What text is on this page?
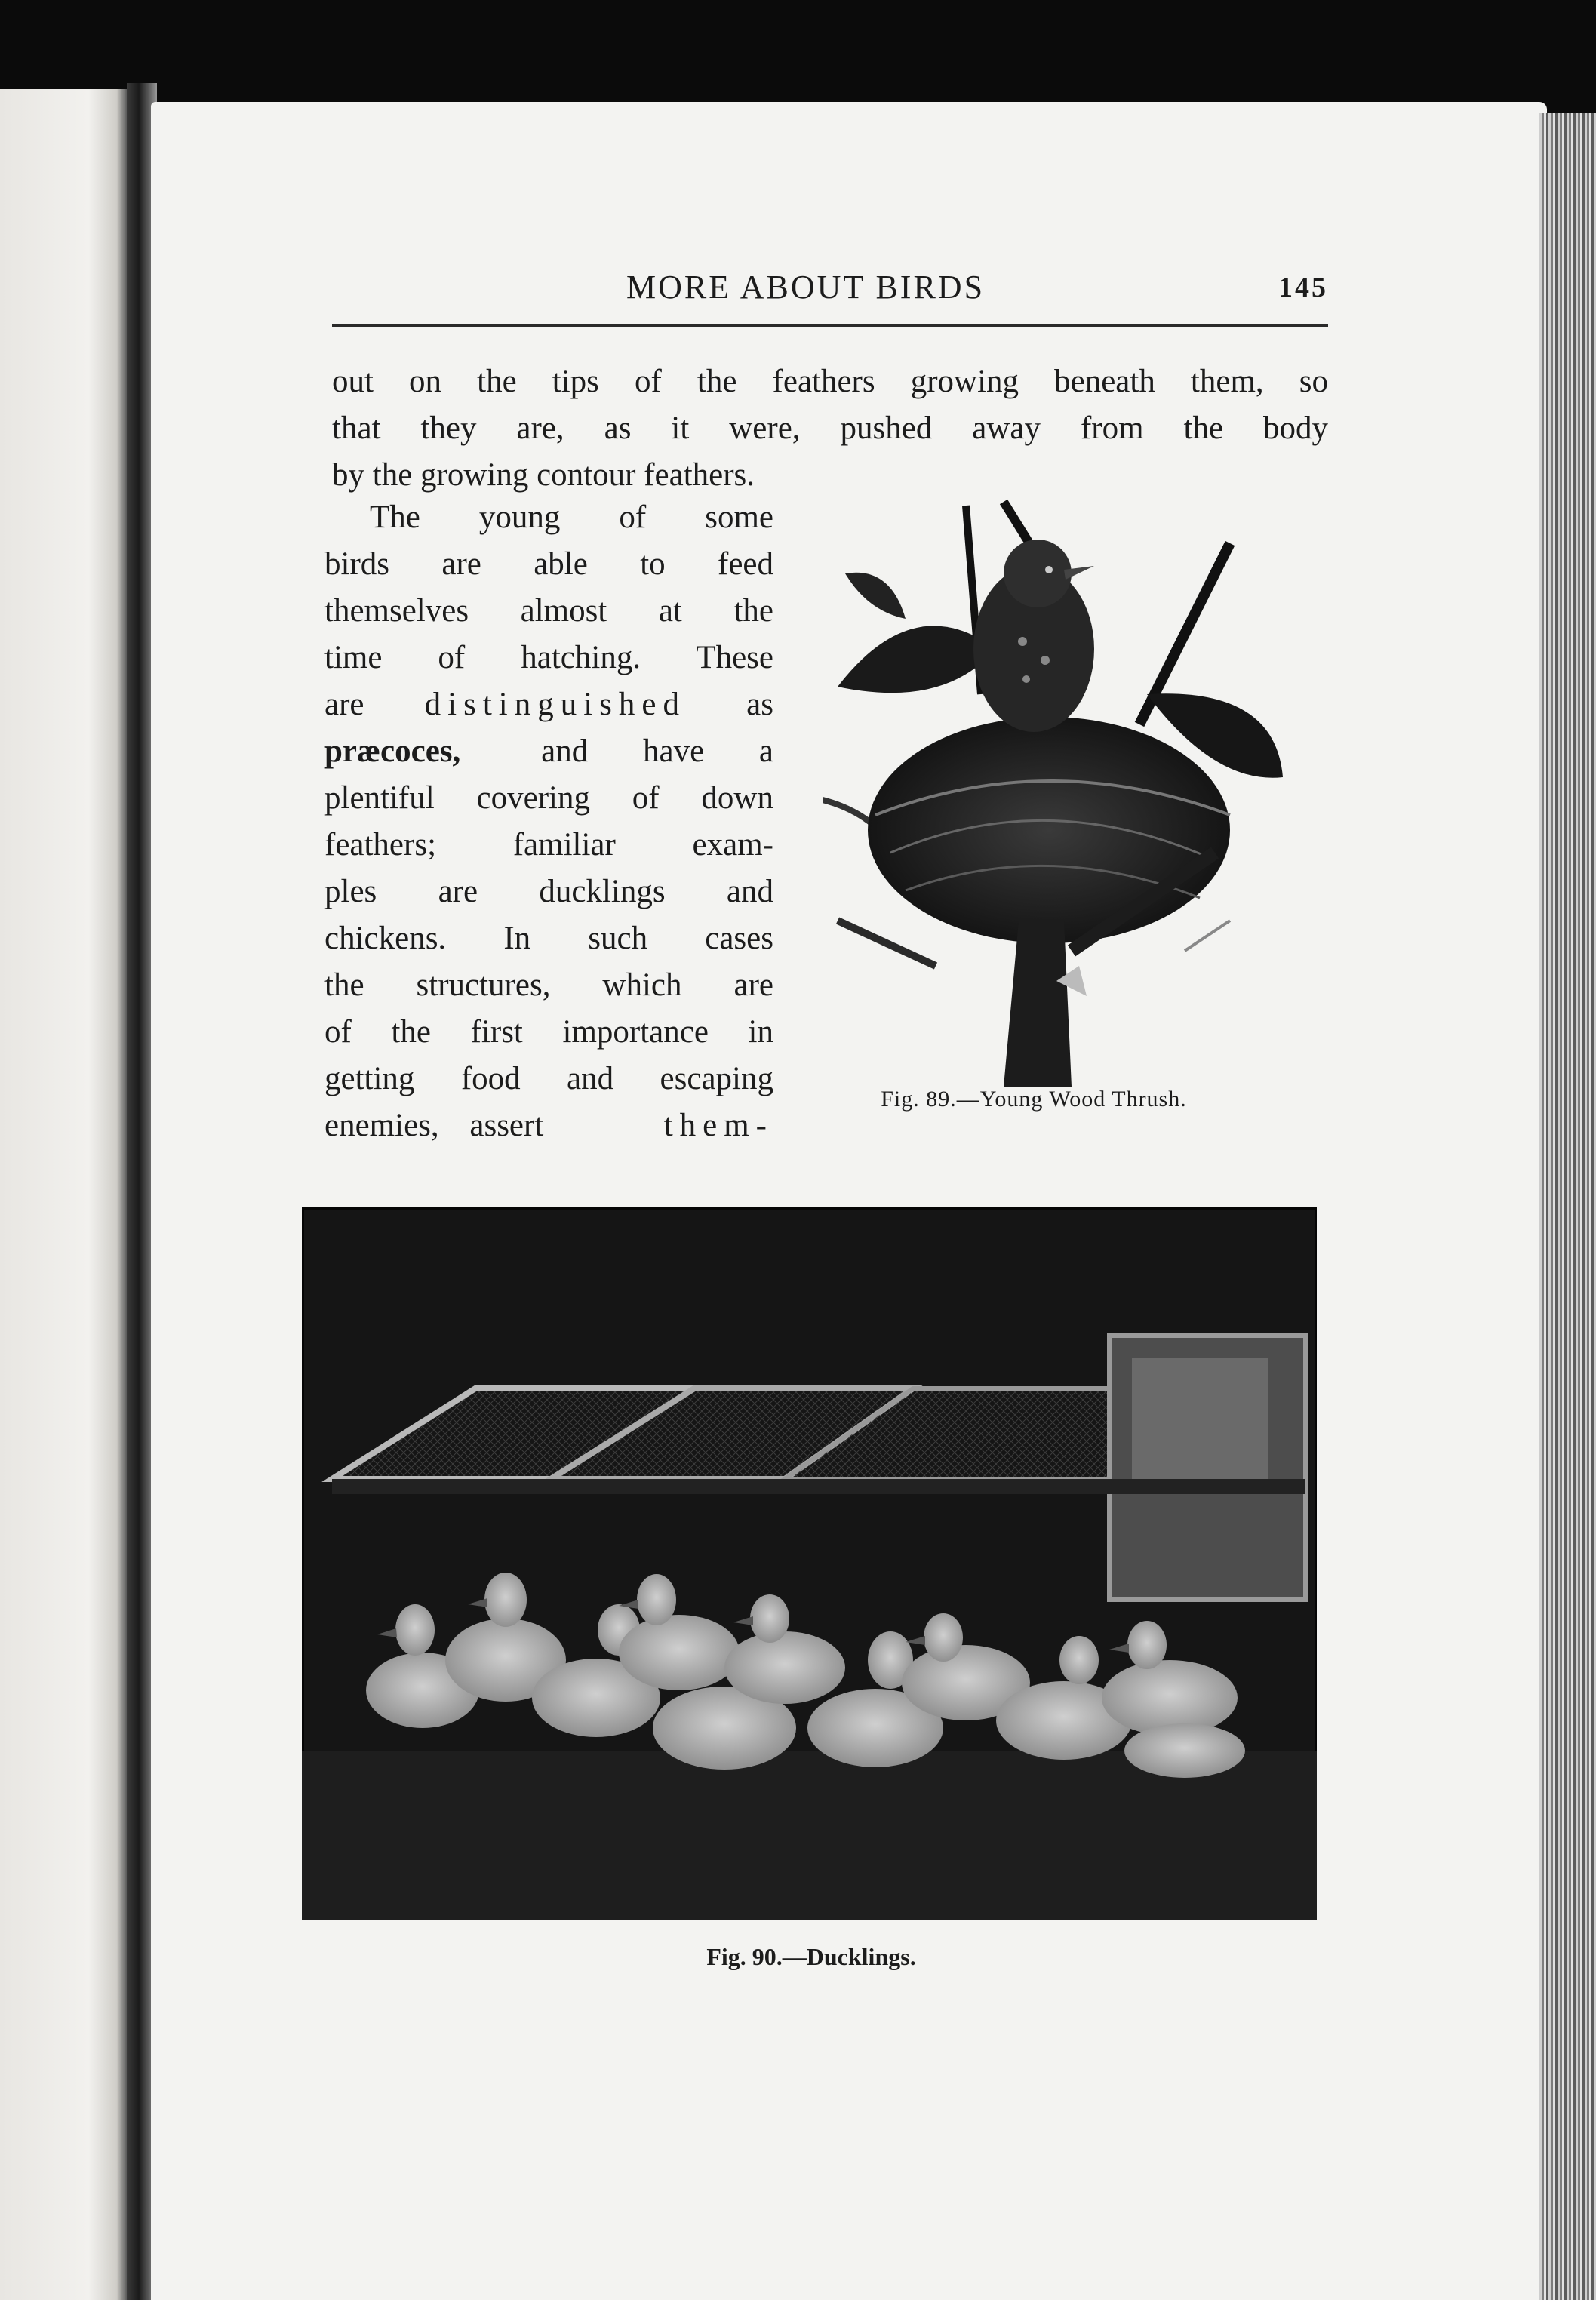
MORE ABOUT BIRDS	145
out on the tips of the feathers growing beneath them, so
that they are, as it were, pushed away from the body
by the growing contour feathers.
The young of some
birds are able to feed
themselves almost at the
time of hatching. These
are distinguished as
præcoces, and have a
plentiful covering of down
feathers; familiar exam-
ples are ducklings and
chickens. In such cases
the structures, which are
of the first importance in
getting food and escaping
enemies, assert	them-
Fig. 89.—Young Wood Thrush.
Fig. 90.—Ducklings.
